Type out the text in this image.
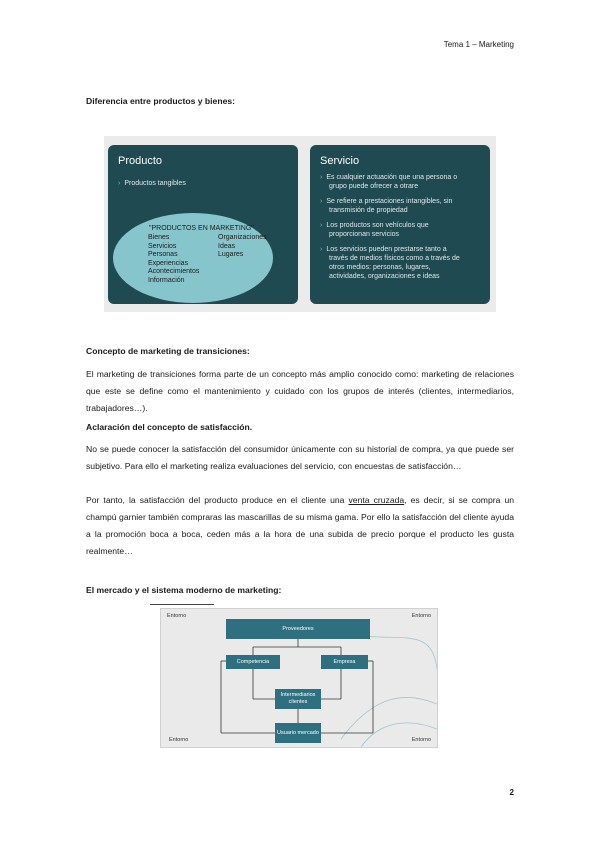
Tema 1 – Marketing
Diferencia entre productos y bienes:
Producto
› Productos tangibles
"PRODUCTOS EN MARKETING"
Bienes
Servicios
Personas
Experiencias
Acontecimientos
Información
Organizaciones
Ideas
Lugares
Servicio
› Es cualquier actuación que una persona o
grupo puede ofrecer a otrare
› Se refiere a prestaciones intangibles, sin
transmisión de propiedad
› Los productos son vehículos que
proporcionan servicios
› Los servicios pueden prestarse tanto a
través de medios físicos como a través de
otros medios: personas, lugares,
actividades, organizaciones e ideas
Concepto de marketing de transiciones:
El marketing de transiciones forma parte de un concepto más amplio conocido como: marketing de relaciones que este se define como el mantenimiento y cuidado con los grupos de interés (clientes, intermediarios, trabajadores…).
Aclaración del concepto de satisfacción.
No se puede conocer la satisfacción del consumidor únicamente con su historial de compra, ya que puede ser subjetivo. Para ello el marketing realiza evaluaciones del servicio, con encuestas de satisfacción…
Por tanto, la satisfacción del producto produce en el cliente una venta cruzada, es decir, si se compra un champú garnier también compraras las mascarillas de su misma gama. Por ello la satisfacción del cliente ayuda a la promoción boca a boca, ceden más a la hora de una subida de precio porque el producto les gusta realmente…
El mercado y el sistema moderno de marketing:
Entorno	Entorno
Entorno	Entorno
Proveedores
Competencia	Empresa
Intermediarios clientes
Usuario mercado
2
